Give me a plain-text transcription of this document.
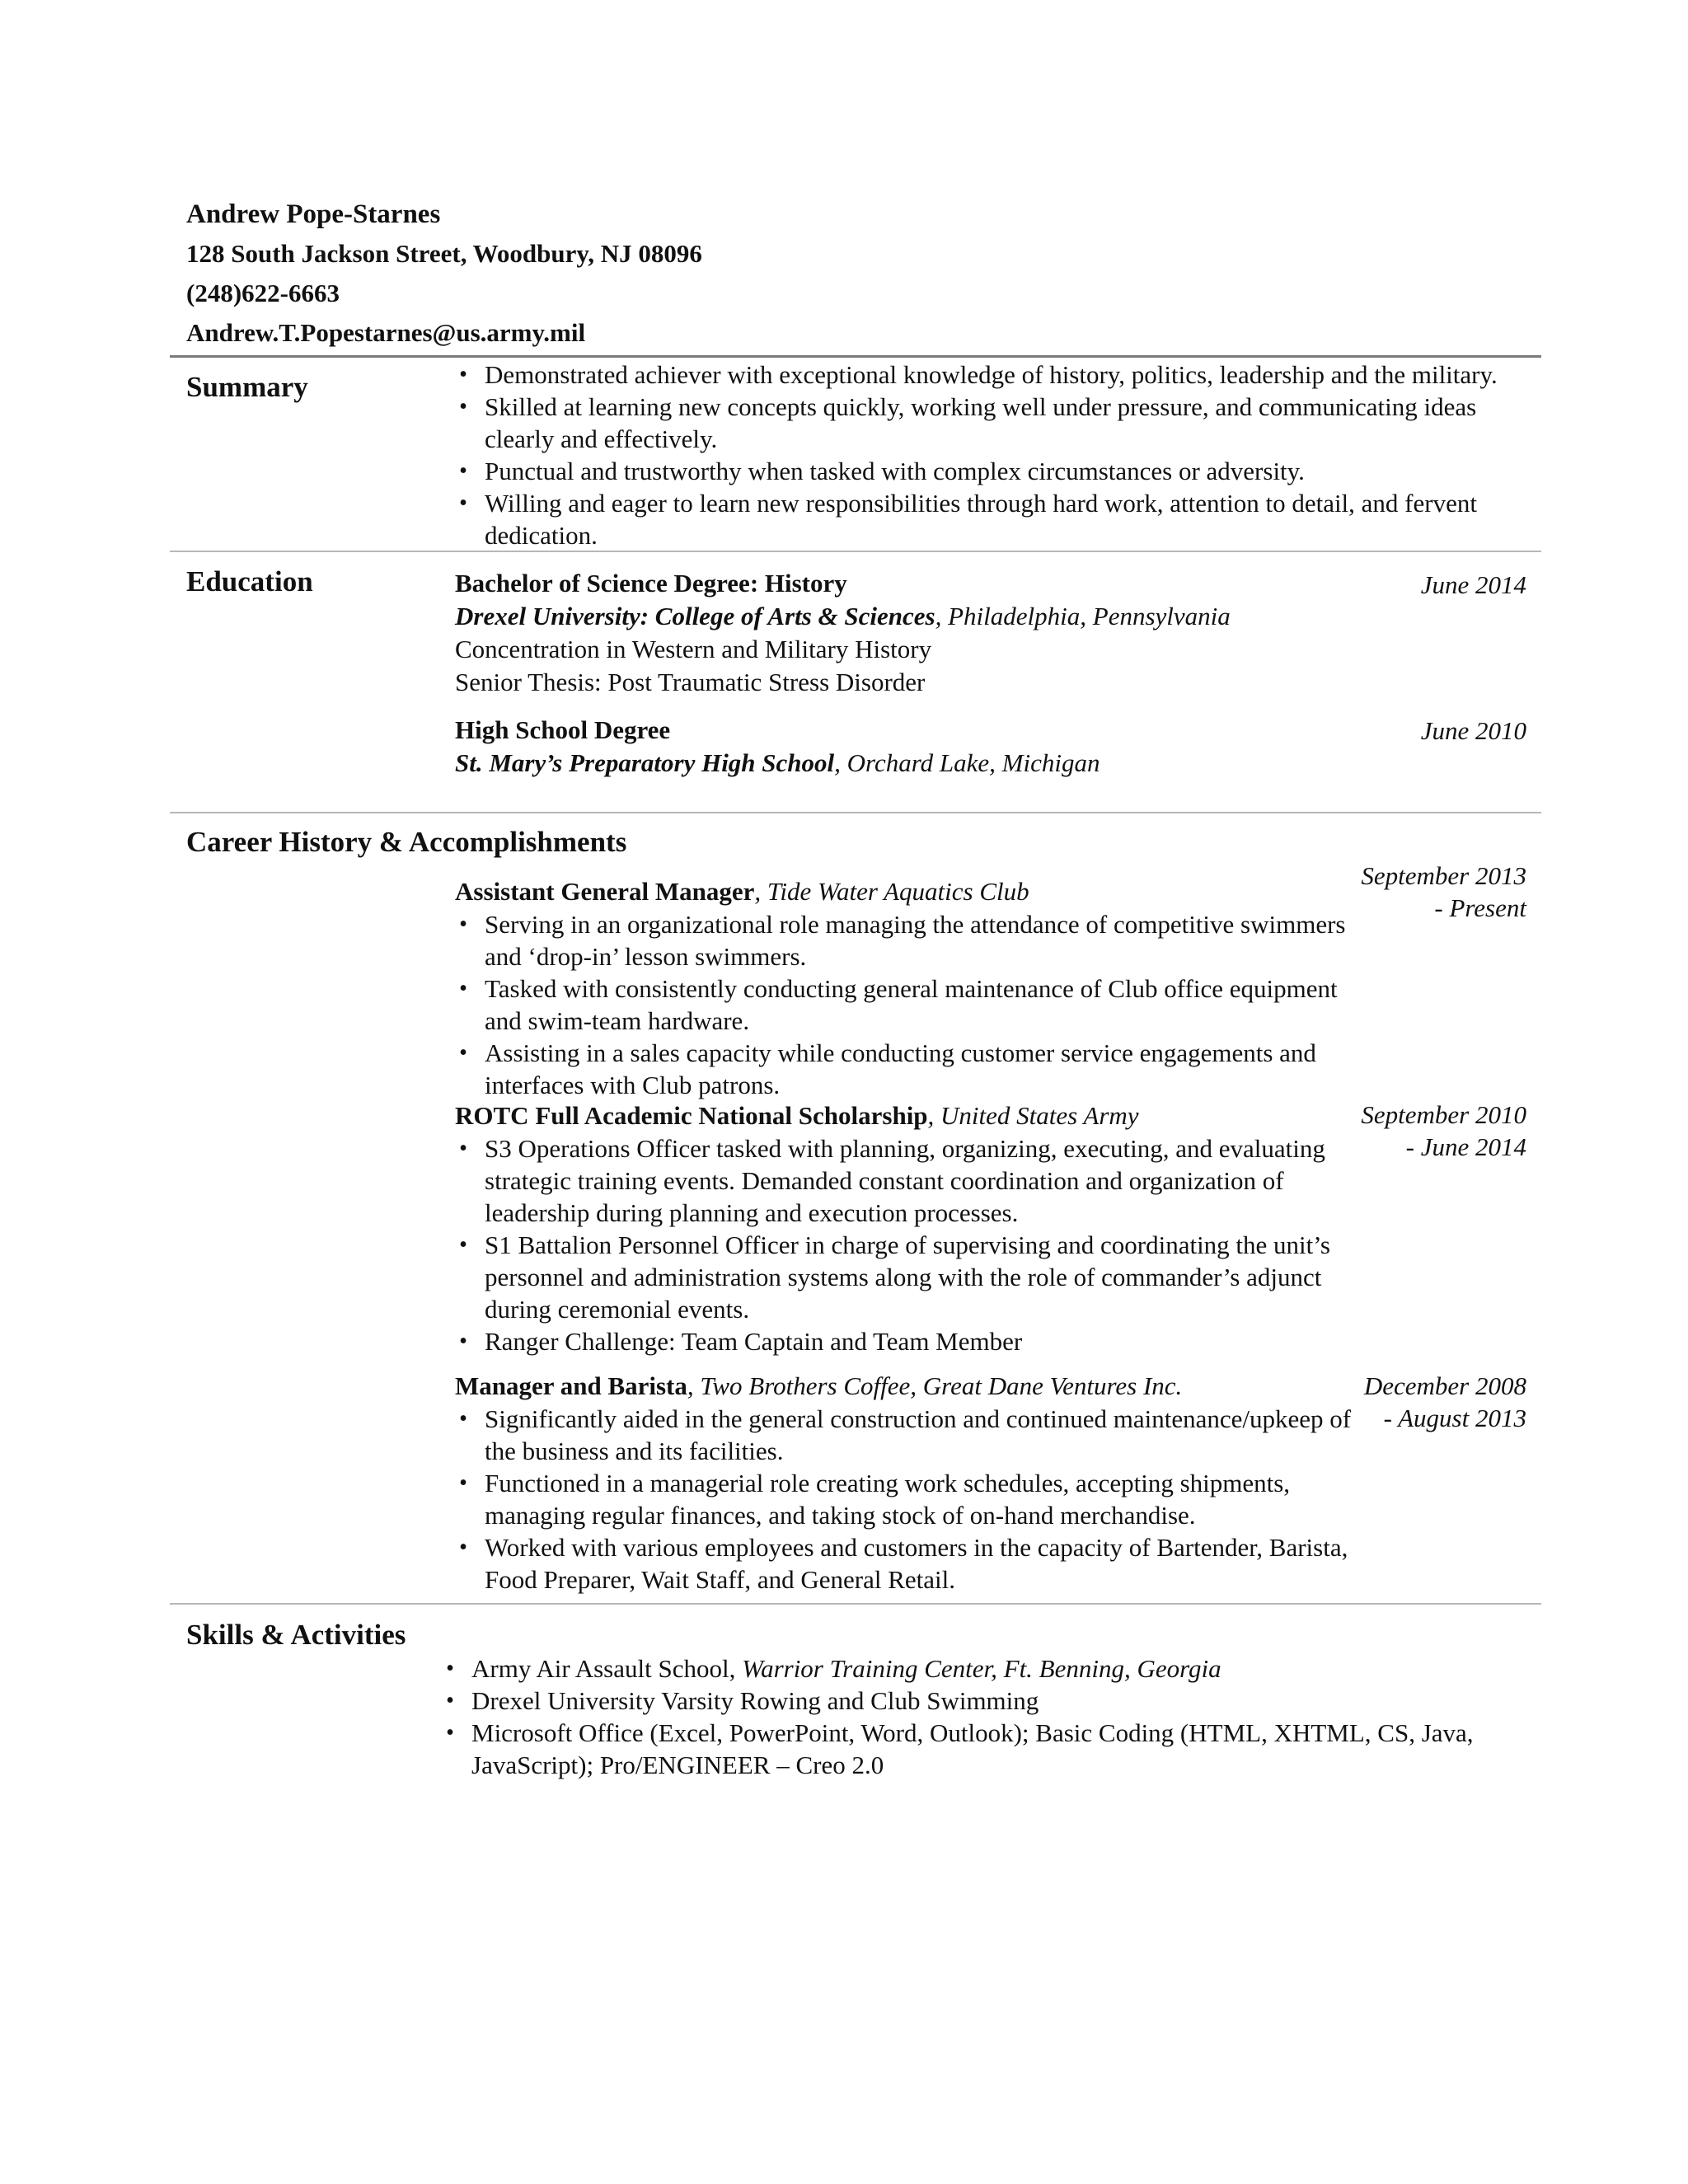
Andrew Pope-Starnes
128 South Jackson Street, Woodbury, NJ 08096
(248)622-6663
Andrew.T.Popestarnes@us.army.mil
Summary	• Demonstrated achiever with exceptional knowledge of history, politics, leadership and the military.
• Skilled at learning new concepts quickly, working well under pressure, and communicating ideas clearly and effectively.
• Punctual and trustworthy when tasked with complex circumstances or adversity.
• Willing and eager to learn new responsibilities through hard work, attention to detail, and fervent dedication.
Education	Bachelor of Science Degree: History
Drexel University: College of Arts & Sciences, Philadelphia, Pennsylvania
Concentration in Western and Military History
Senior Thesis: Post Traumatic Stress Disorder
June 2014
High School Degree
St. Mary’s Preparatory High School, Orchard Lake, Michigan
June 2010
Career History & Accomplishments
Assistant General Manager, Tide Water Aquatics Club
• Serving in an organizational role managing the attendance of competitive swimmers and ‘drop-in’ lesson swimmers.
• Tasked with consistently conducting general maintenance of Club office equipment and swim-team hardware.
• Assisting in a sales capacity while conducting customer service engagements and interfaces with Club patrons.
September 2013
- Present
ROTC Full Academic National Scholarship, United States Army
• S3 Operations Officer tasked with planning, organizing, executing, and evaluating strategic training events. Demanded constant coordination and organization of leadership during planning and execution processes.
• S1 Battalion Personnel Officer in charge of supervising and coordinating the unit’s personnel and administration systems along with the role of commander’s adjunct during ceremonial events.
• Ranger Challenge: Team Captain and Team Member
September 2010
- June 2014
Manager and Barista, Two Brothers Coffee, Great Dane Ventures Inc.
• Significantly aided in the general construction and continued maintenance/upkeep of the business and its facilities.
• Functioned in a managerial role creating work schedules, accepting shipments, managing regular finances, and taking stock of on-hand merchandise.
• Worked with various employees and customers in the capacity of Bartender, Barista, Food Preparer, Wait Staff, and General Retail.
December 2008
- August 2013
Skills & Activities
• Army Air Assault School, Warrior Training Center, Ft. Benning, Georgia
• Drexel University Varsity Rowing and Club Swimming
• Microsoft Office (Excel, PowerPoint, Word, Outlook); Basic Coding (HTML, XHTML, CS, Java, JavaScript); Pro/ENGINEER – Creo 2.0
